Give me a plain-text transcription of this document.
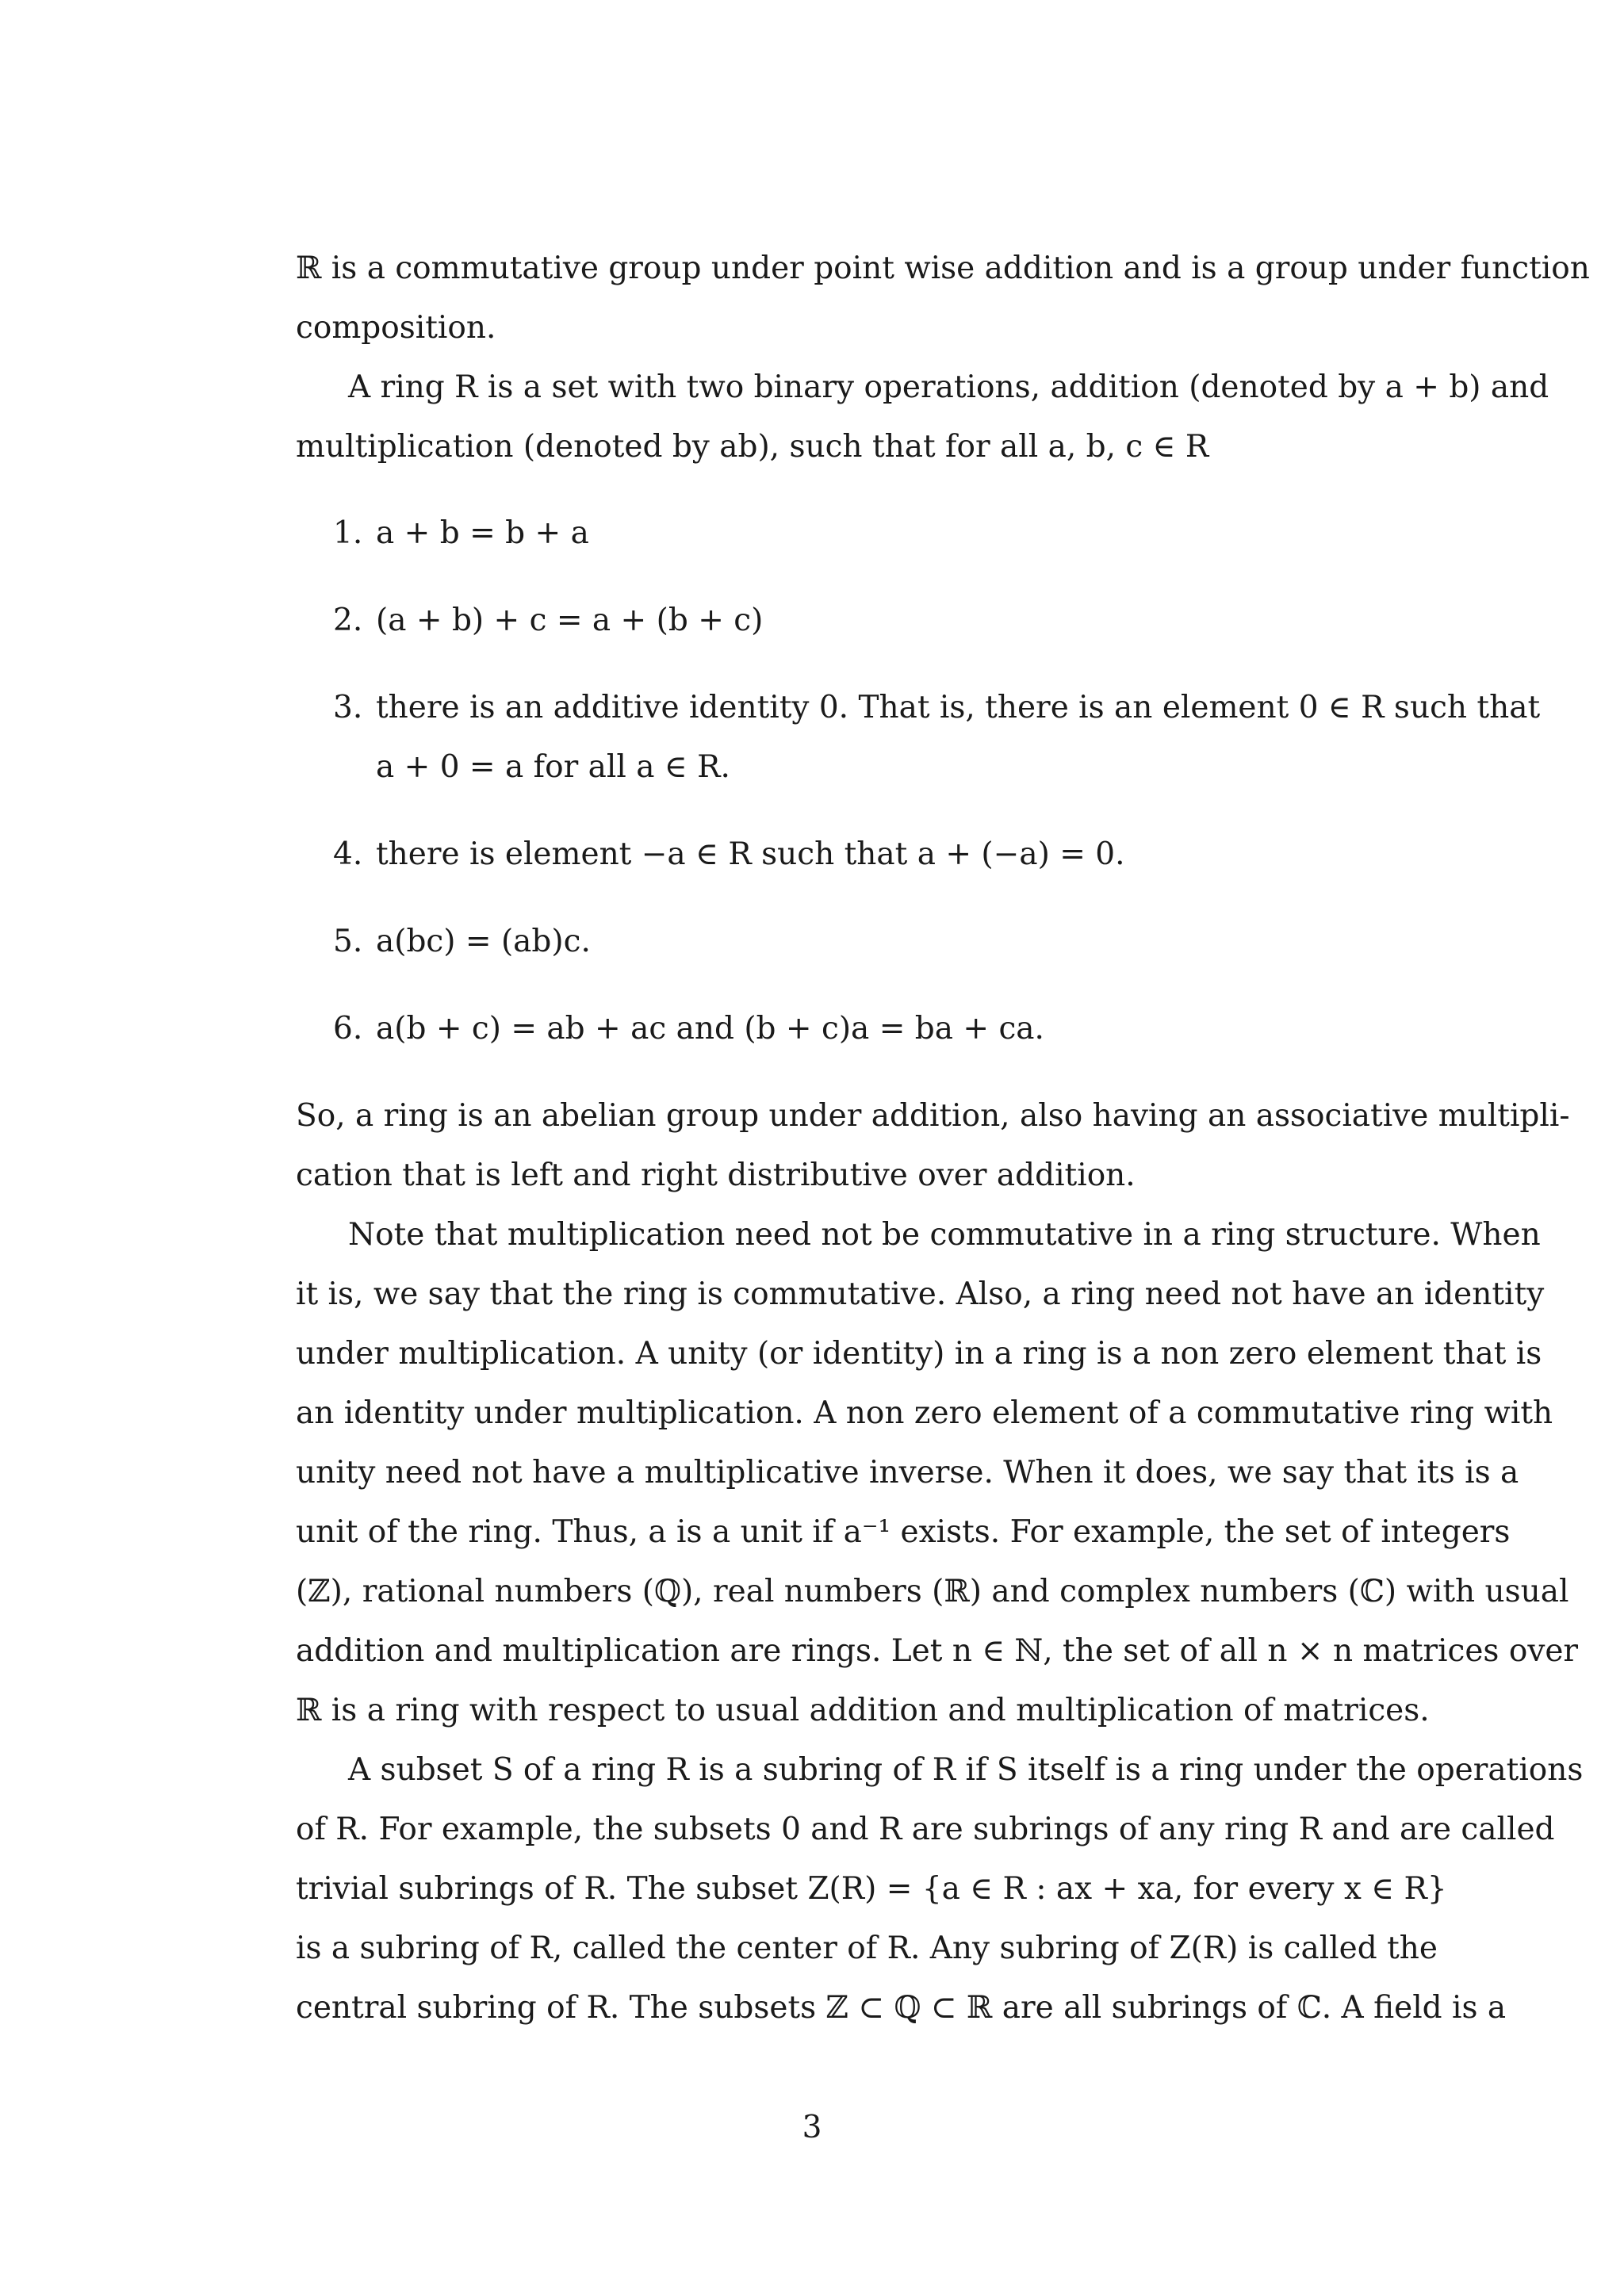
ℝ is a commutative group under point wise addition and is a group under function
composition.
A ring R is a set with two binary operations, addition (denoted by a + b) and
multiplication (denoted by ab), such that for all a, b, c ∈ R
1. a + b = b + a
2. (a + b) + c = a + (b + c)
3. there is an additive identity 0. That is, there is an element 0 ∈ R such that
a + 0 = a for all a ∈ R.
4. there is element −a ∈ R such that a + (−a) = 0.
5. a(bc) = (ab)c.
6. a(b + c) = ab + ac and (b + c)a = ba + ca.
So, a ring is an abelian group under addition, also having an associative multipli-
cation that is left and right distributive over addition.
Note that multiplication need not be commutative in a ring structure. When
it is, we say that the ring is commutative. Also, a ring need not have an identity
under multiplication. A unity (or identity) in a ring is a non zero element that is
an identity under multiplication. A non zero element of a commutative ring with
unity need not have a multiplicative inverse. When it does, we say that its is a
unit of the ring. Thus, a is a unit if a⁻¹ exists. For example, the set of integers
(ℤ), rational numbers (ℚ), real numbers (ℝ) and complex numbers (ℂ) with usual
addition and multiplication are rings. Let n ∈ ℕ, the set of all n × n matrices over
ℝ is a ring with respect to usual addition and multiplication of matrices.
A subset S of a ring R is a subring of R if S itself is a ring under the operations
of R. For example, the subsets 0 and R are subrings of any ring R and are called
trivial subrings of R. The subset Z(R) = {a ∈ R : ax + xa, for every x ∈ R}
is a subring of R, called the center of R. Any subring of Z(R) is called the
central subring of R. The subsets ℤ ⊂ ℚ ⊂ ℝ are all subrings of ℂ. A field is a
3
